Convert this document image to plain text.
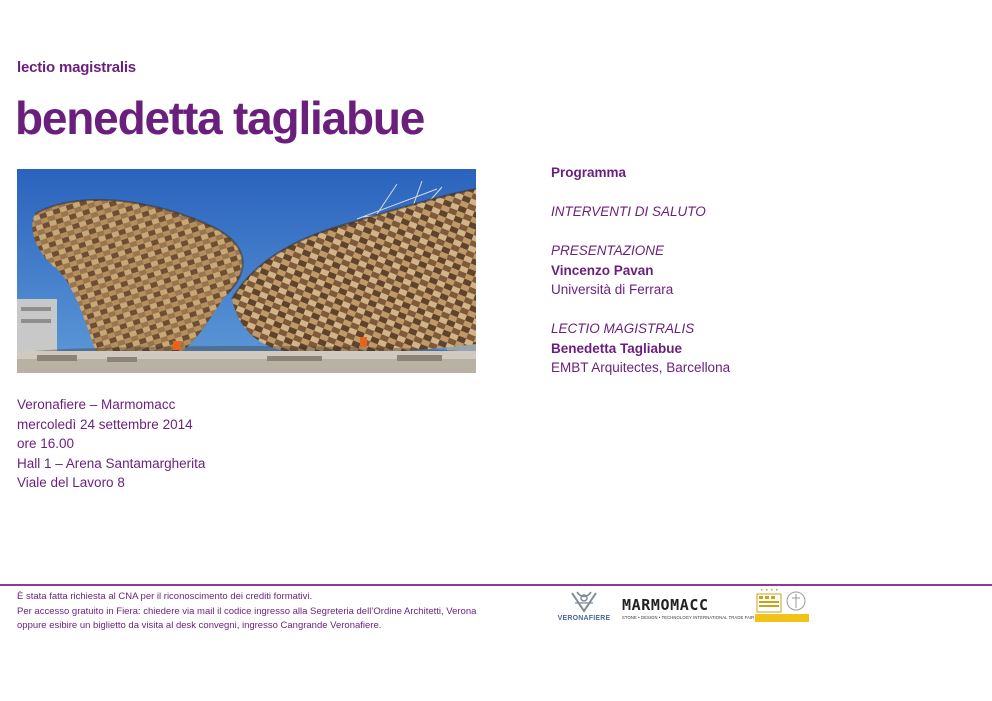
lectio magistralis
benedetta tagliabue
Programma
INTERVENTI DI SALUTO
PRESENTAZIONE
Vincenzo Pavan
Università di Ferrara
LECTIO MAGISTRALIS
Benedetta Tagliabue
EMBT Arquitectes, Barcellona
Veronafiere – Marmomacc
mercoledì 24 settembre 2014
ore 16.00
Hall 1 – Arena Santamargherita
Viale del Lavoro 8
È stata fatta richiesta al CNA per il riconoscimento dei crediti formativi.
Per accesso gratuito in Fiera: chiedere via mail il codice ingresso alla Segreteria dell’Ordine Architetti, Verona
oppure esibire un biglietto da visita al desk convegni, ingresso Cangrande Veronafiere.
VERONAFIERE
MARMOMACC
STONE • DESIGN • TECHNOLOGY INTERNATIONAL TRADE FAIR
